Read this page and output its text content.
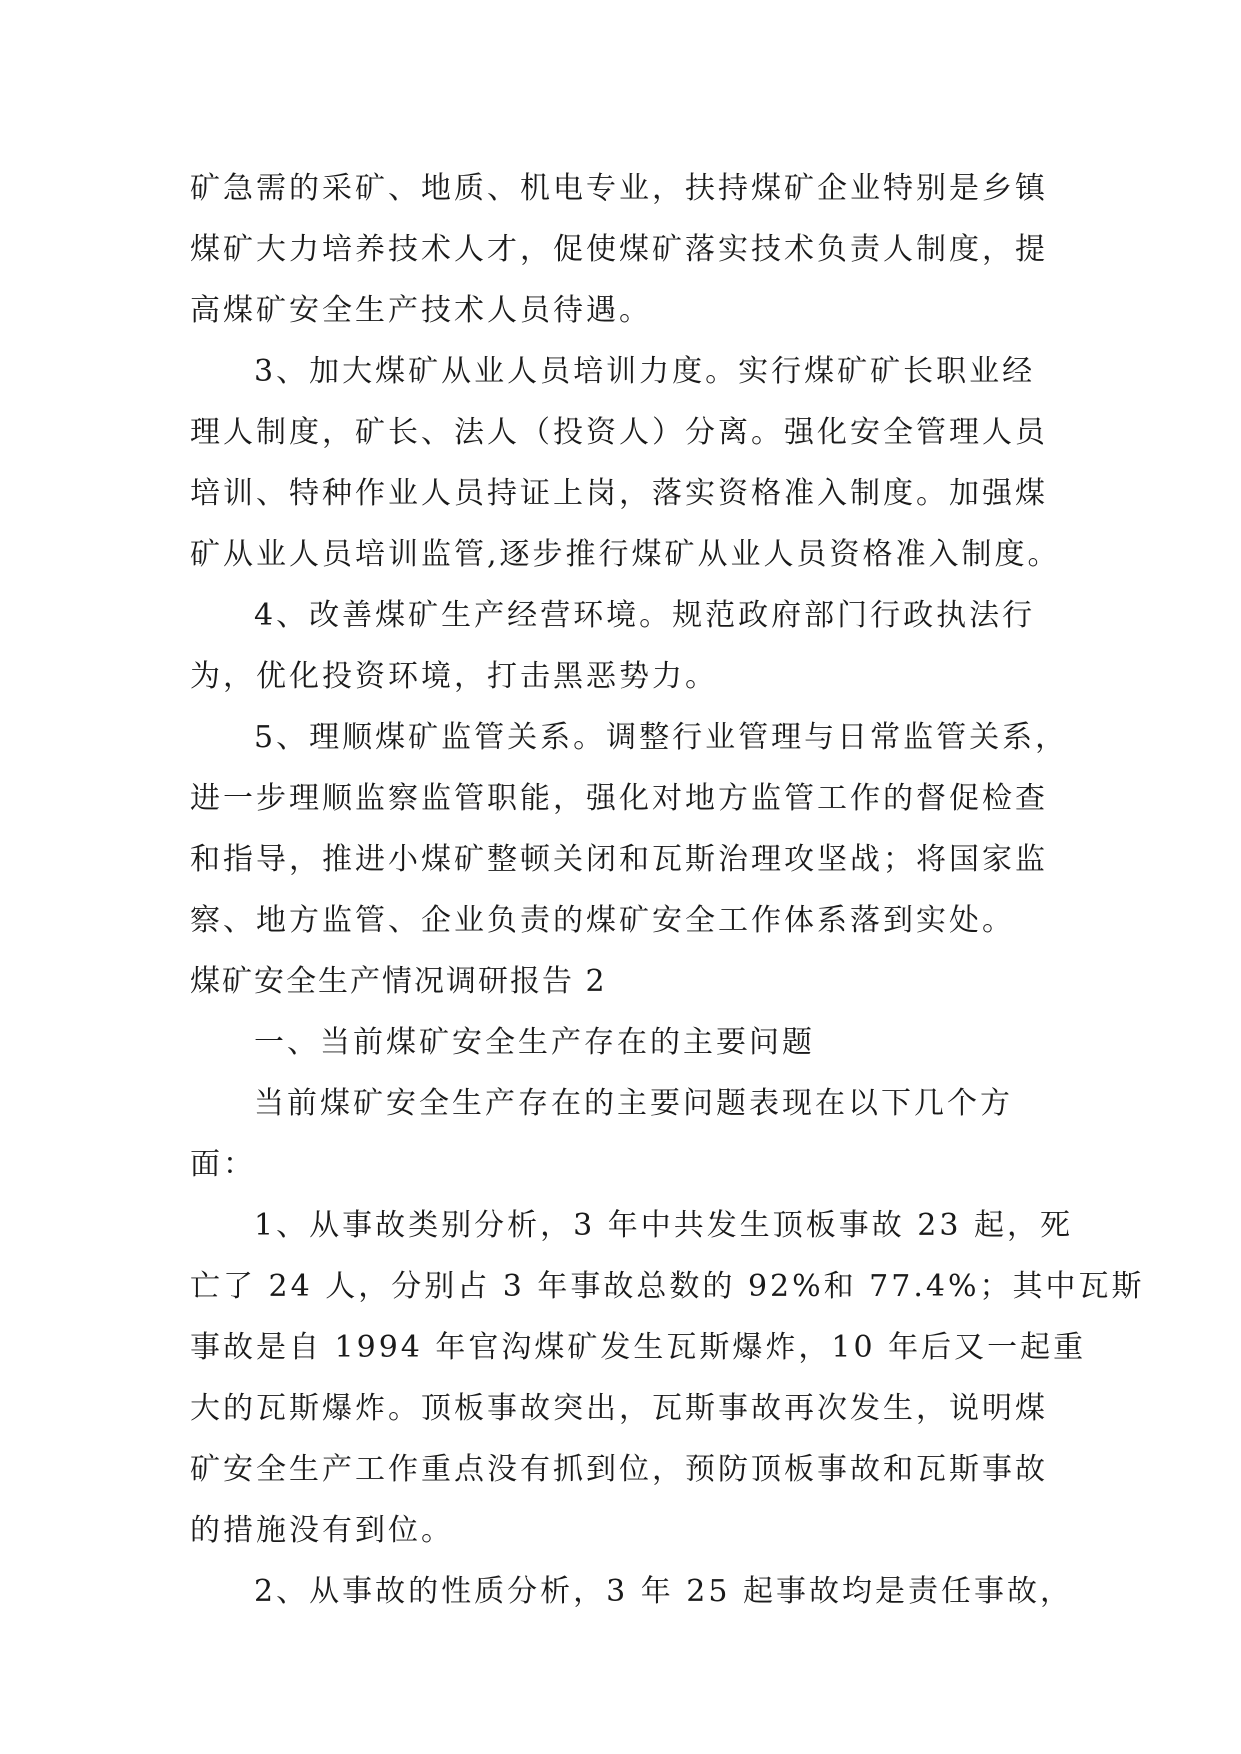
矿急需的采矿、地质、机电专业，扶持煤矿企业特别是乡镇
煤矿大力培养技术人才，促使煤矿落实技术负责人制度，提
高煤矿安全生产技术人员待遇。
3、加大煤矿从业人员培训力度。实行煤矿矿长职业经
理人制度，矿长、法人（投资人）分离。强化安全管理人员
培训、特种作业人员持证上岗，落实资格准入制度。加强煤
矿从业人员培训监管,逐步推行煤矿从业人员资格准入制度。
4、改善煤矿生产经营环境。规范政府部门行政执法行
为，优化投资环境，打击黑恶势力。
5、理顺煤矿监管关系。调整行业管理与日常监管关系，
进一步理顺监察监管职能，强化对地方监管工作的督促检查
和指导，推进小煤矿整顿关闭和瓦斯治理攻坚战；将国家监
察、地方监管、企业负责的煤矿安全工作体系落到实处。
煤矿安全生产情况调研报告 2
一、当前煤矿安全生产存在的主要问题
当前煤矿安全生产存在的主要问题表现在以下几个方
面：
1、从事故类别分析，3 年中共发生顶板事故 23 起，死
亡了 24 人，分别占 3 年事故总数的 92%和 77.4%；其中瓦斯
事故是自 1994 年官沟煤矿发生瓦斯爆炸，10 年后又一起重
大的瓦斯爆炸。顶板事故突出，瓦斯事故再次发生，说明煤
矿安全生产工作重点没有抓到位，预防顶板事故和瓦斯事故
的措施没有到位。
2、从事故的性质分析，3 年 25 起事故均是责任事故，
